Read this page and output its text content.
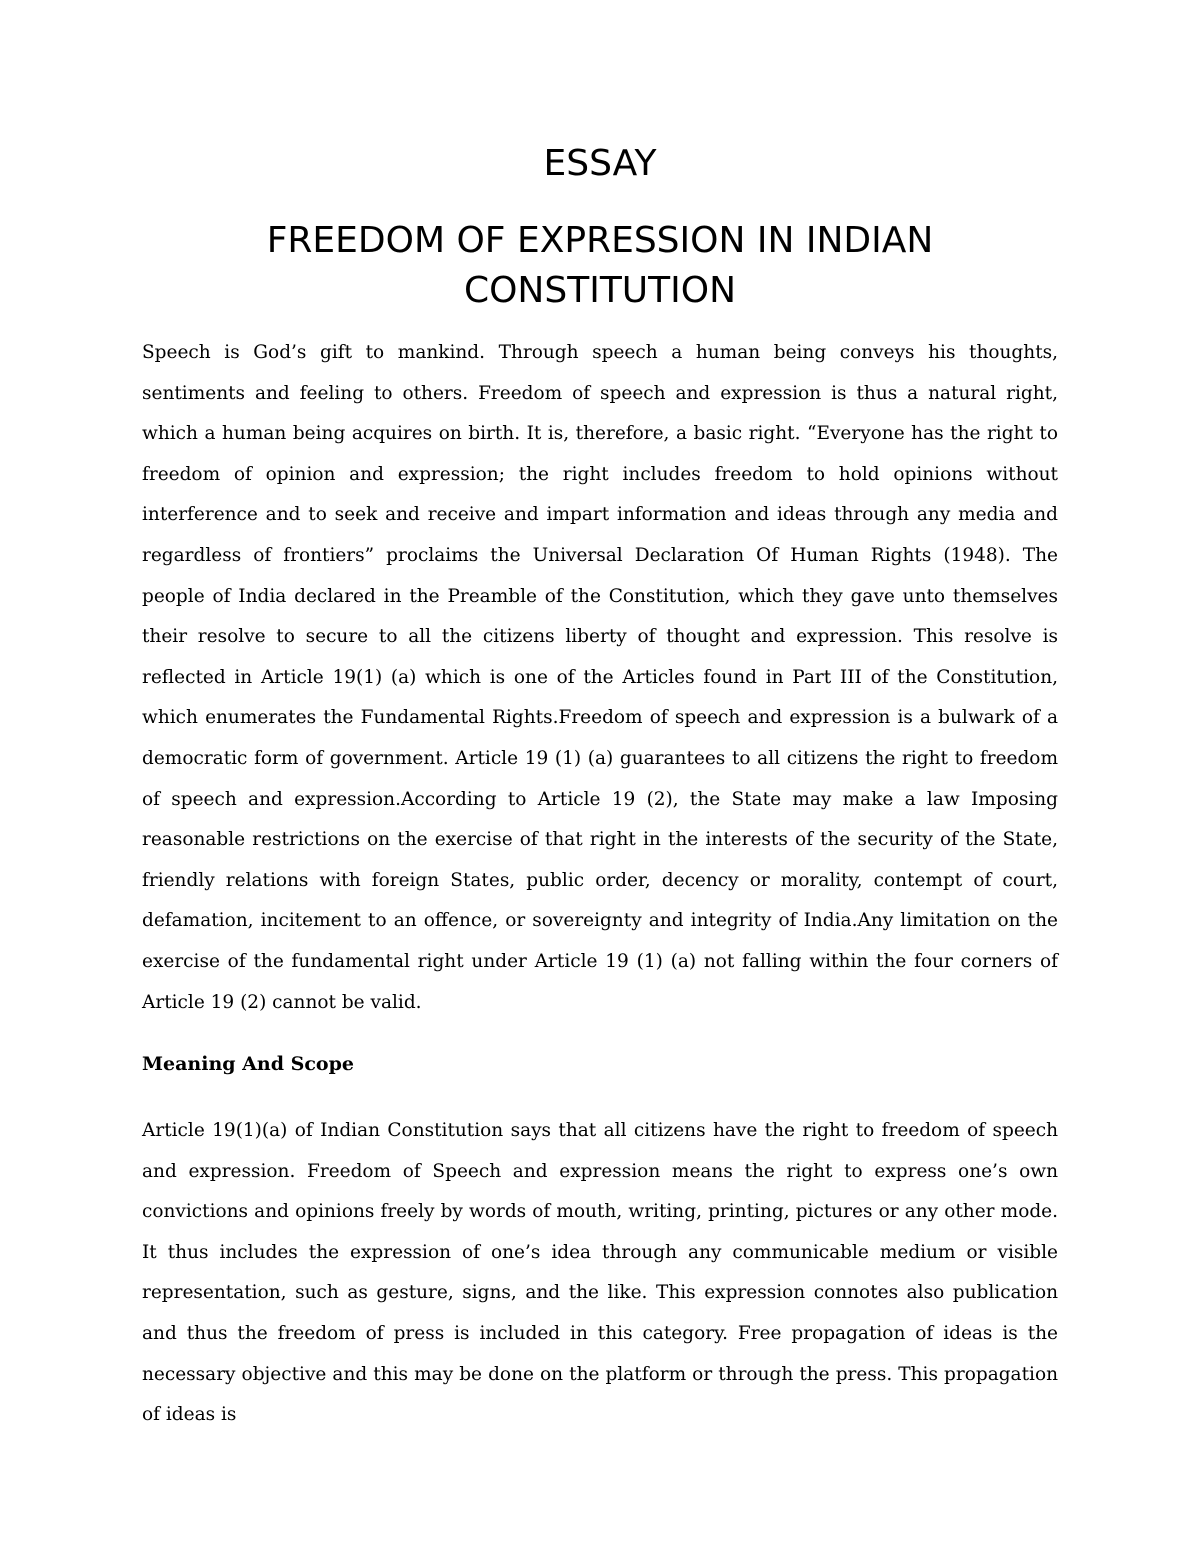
ESSAY
FREEDOM OF EXPRESSION IN INDIAN CONSTITUTION

Speech is God’s gift to mankind. Through speech a human being conveys his thoughts, sentiments and feeling to others. Freedom of speech and expression is thus a natural right, which a human being acquires on birth. It is, therefore, a basic right. “Everyone has the right to freedom of opinion and expression; the right includes freedom to hold opinions without interference and to seek and receive and impart information and ideas through any media and regardless of frontiers” proclaims the Universal Declaration Of Human Rights (1948). The people of India declared in the Preamble of the Constitution, which they gave unto themselves their resolve to secure to all the citizens liberty of thought and expression. This resolve is reflected in Article 19(1) (a) which is one of the Articles found in Part III of the Constitution, which enumerates the Fundamental Rights.Freedom of speech and expression is a bulwark of a democratic form of government. Article 19 (1) (a) guarantees to all citizens the right to freedom of speech and expression.According to Article 19 (2), the State may make a law Imposing reasonable restrictions on the exercise of that right in the interests of the security of the State, friendly relations with foreign States, public order, decency or morality, contempt of court, defamation, incitement to an offence, or sovereignty and integrity of India.Any limitation on the exercise of the fundamental right under Article 19 (1) (a) not falling within the four corners of Article 19 (2) cannot be valid.

Meaning And Scope

Article 19(1)(a) of Indian Constitution says that all citizens have the right to freedom of speech and expression. Freedom of Speech and expression means the right to express one’s own convictions and opinions freely by words of mouth, writing, printing, pictures or any other mode. It thus includes the expression of one’s idea through any communicable medium or visible representation, such as gesture, signs, and the like. This expression connotes also publication and thus the freedom of press is included in this category. Free propagation of ideas is the necessary objective and this may be done on the platform or through the press. This propagation of ideas is
